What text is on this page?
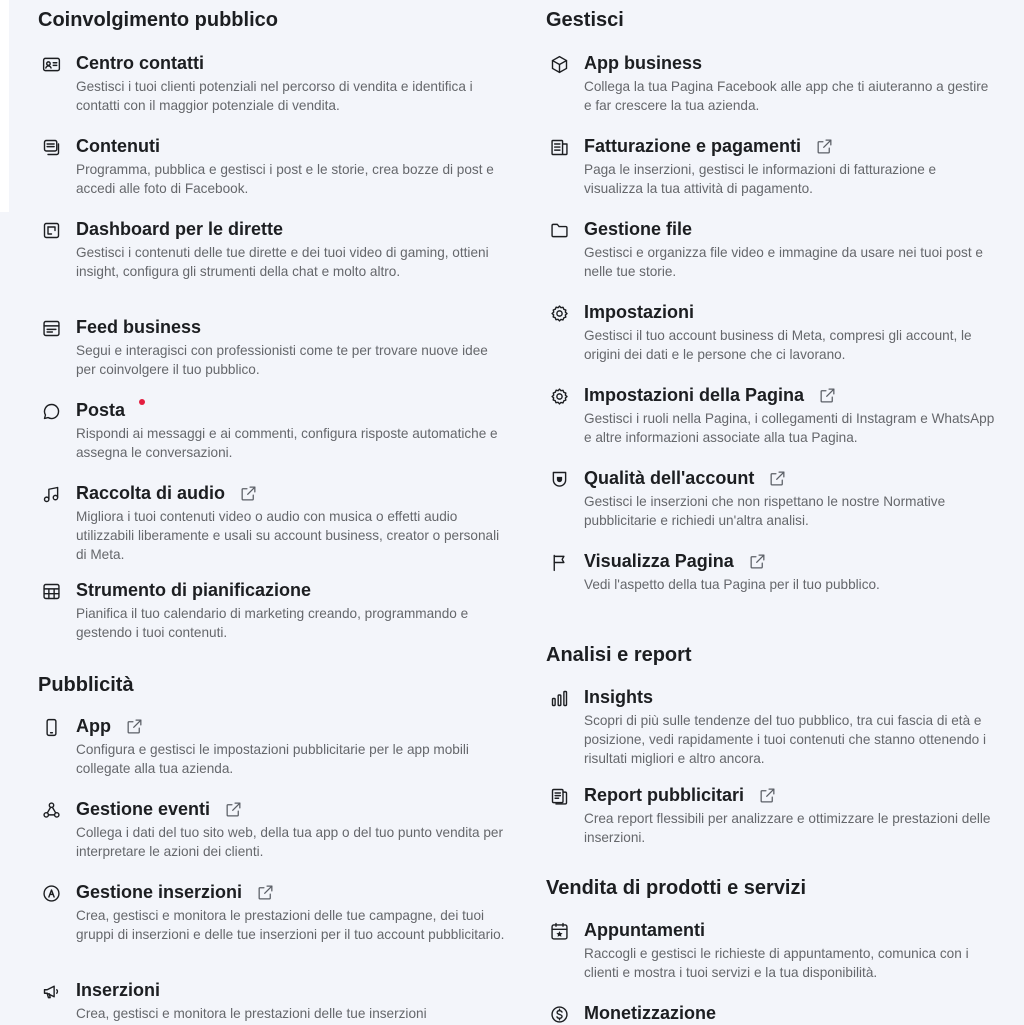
Coinvolgimento pubblico
Centro contatti
Gestisci i tuoi clienti potenziali nel percorso di vendita e identifica i contatti con il maggior potenziale di vendita.
Contenuti
Programma, pubblica e gestisci i post e le storie, crea bozze di post e accedi alle foto di Facebook.
Dashboard per le dirette
Gestisci i contenuti delle tue dirette e dei tuoi video di gaming, ottieni insight, configura gli strumenti della chat e molto altro.
Feed business
Segui e interagisci con professionisti come te per trovare nuove idee per coinvolgere il tuo pubblico.
Posta
Rispondi ai messaggi e ai commenti, configura risposte automatiche e assegna le conversazioni.
Raccolta di audio
Migliora i tuoi contenuti video o audio con musica o effetti audio utilizzabili liberamente e usali su account business, creator o personali di Meta.
Strumento di pianificazione
Pianifica il tuo calendario di marketing creando, programmando e gestendo i tuoi contenuti.
Pubblicità
App
Configura e gestisci le impostazioni pubblicitarie per le app mobili collegate alla tua azienda.
Gestione eventi
Collega i dati del tuo sito web, della tua app o del tuo punto vendita per interpretare le azioni dei clienti.
Gestione inserzioni
Crea, gestisci e monitora le prestazioni delle tue campagne, dei tuoi gruppi di inserzioni e delle tue inserzioni per il tuo account pubblicitario.
Inserzioni
Crea, gestisci e monitora le prestazioni delle tue inserzioni
Gestisci
App business
Collega la tua Pagina Facebook alle app che ti aiuteranno a gestire e far crescere la tua azienda.
Fatturazione e pagamenti
Paga le inserzioni, gestisci le informazioni di fatturazione e visualizza la tua attività di pagamento.
Gestione file
Gestisci e organizza file video e immagine da usare nei tuoi post e nelle tue storie.
Impostazioni
Gestisci il tuo account business di Meta, compresi gli account, le origini dei dati e le persone che ci lavorano.
Impostazioni della Pagina
Gestisci i ruoli nella Pagina, i collegamenti di Instagram e WhatsApp e altre informazioni associate alla tua Pagina.
Qualità dell'account
Gestisci le inserzioni che non rispettano le nostre Normative pubblicitarie e richiedi un'altra analisi.
Visualizza Pagina
Vedi l'aspetto della tua Pagina per il tuo pubblico.
Analisi e report
Insights
Scopri di più sulle tendenze del tuo pubblico, tra cui fascia di età e posizione, vedi rapidamente i tuoi contenuti che stanno ottenendo i risultati migliori e altro ancora.
Report pubblicitari
Crea report flessibili per analizzare e ottimizzare le prestazioni delle inserzioni.
Vendita di prodotti e servizi
Appuntamenti
Raccogli e gestisci le richieste di appuntamento, comunica con i clienti e mostra i tuoi servizi e la tua disponibilità.
Monetizzazione
